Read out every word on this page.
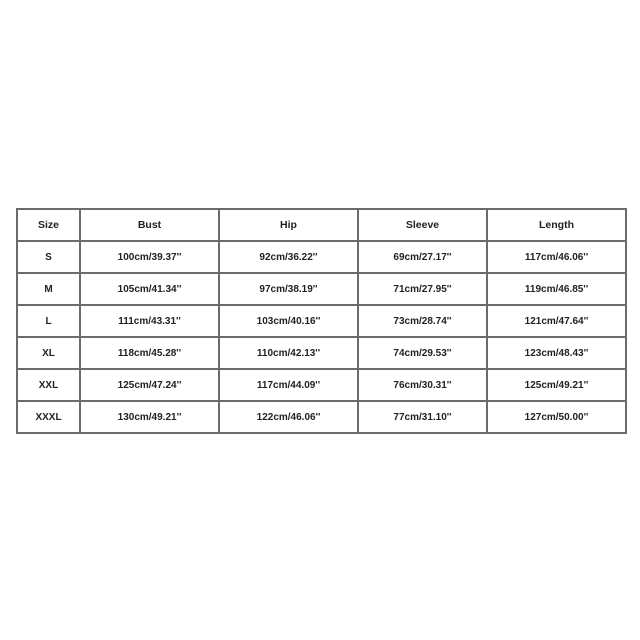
Size	Bust	Hip	Sleeve	Length
S	100cm/39.37''	92cm/36.22''	69cm/27.17''	117cm/46.06''
M	105cm/41.34''	97cm/38.19''	71cm/27.95''	119cm/46.85''
L	111cm/43.31''	103cm/40.16''	73cm/28.74''	121cm/47.64''
XL	118cm/45.28''	110cm/42.13''	74cm/29.53''	123cm/48.43''
XXL	125cm/47.24''	117cm/44.09''	76cm/30.31''	125cm/49.21''
XXXL	130cm/49.21''	122cm/46.06''	77cm/31.10''	127cm/50.00''
